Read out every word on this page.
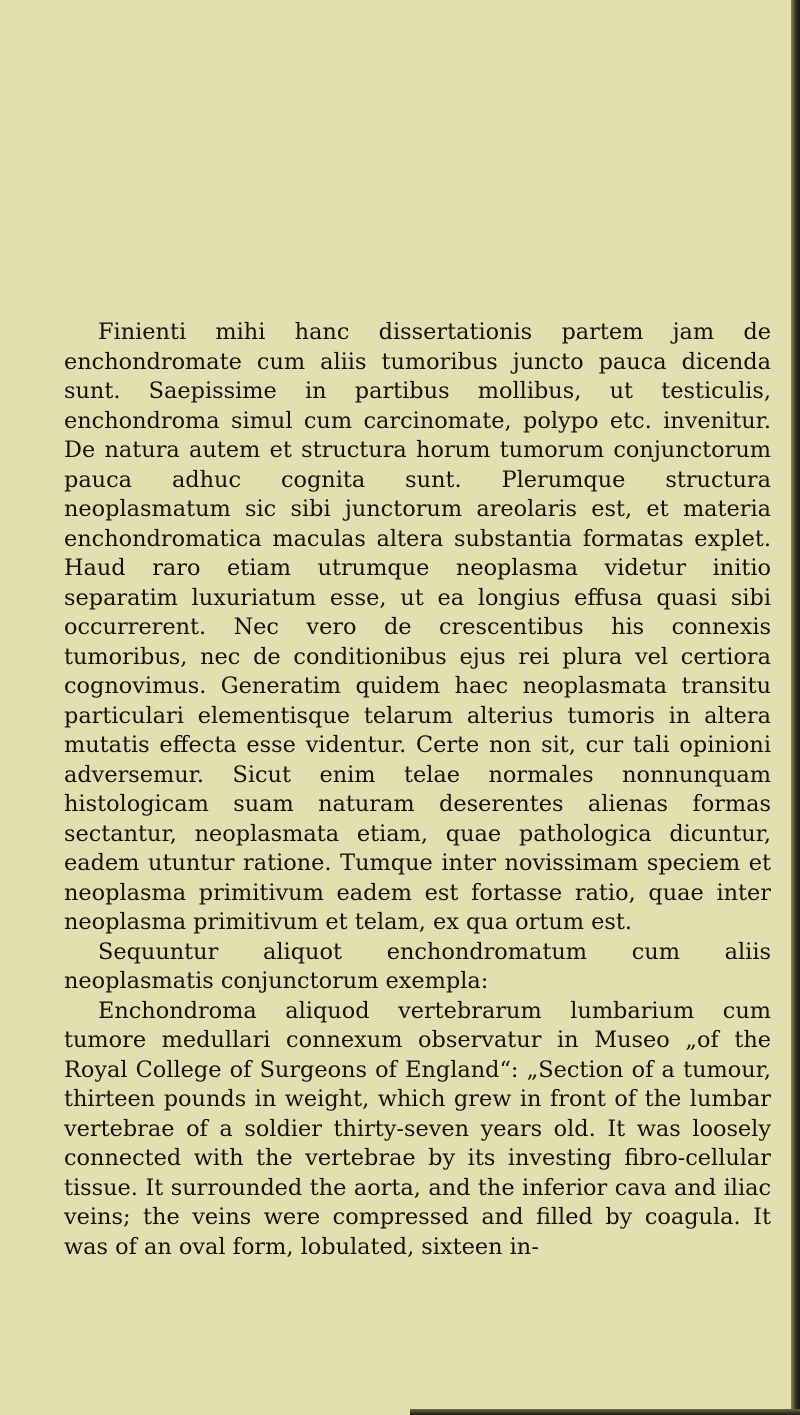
Finienti mihi hanc dissertationis partem jam de enchondromate cum aliis tumoribus juncto pauca dicenda sunt. Saepissime in partibus mollibus, ut testiculis, enchondroma simul cum carcinomate, polypo etc. invenitur. De natura autem et structura horum tumorum conjunctorum pauca adhuc cognita sunt. Plerumque structura neoplasmatum sic sibi junctorum areolaris est, et materia enchondromatica maculas altera substantia formatas explet. Haud raro etiam utrumque neoplasma videtur initio separatim luxuriatum esse, ut ea longius effusa quasi sibi occurrerent. Nec vero de crescentibus his connexis tumoribus, nec de conditionibus ejus rei plura vel certiora cognovimus. Generatim quidem haec neoplasmata transitu particulari elementisque telarum alterius tumoris in altera mutatis effecta esse videntur. Certe non sit, cur tali opinioni adversemur. Sicut enim telae normales nonnunquam histologicam suam naturam deserentes alienas formas sectantur, neoplasmata etiam, quae pathologica dicuntur, eadem utuntur ratione. Tumque inter novissimam speciem et neoplasma primitivum eadem est fortasse ratio, quae inter neoplasma primitivum et telam, ex qua ortum est.

Sequuntur aliquot enchondromatum cum aliis neoplasmatis conjunctorum exempla:

Enchondroma aliquod vertebrarum lumbarium cum tumore medullari connexum observatur in Museo „of the Royal College of Surgeons of England“: „Section of a tumour, thirteen pounds in weight, which grew in front of the lumbar vertebrae of a soldier thirty-seven years old. It was loosely connected with the vertebrae by its investing fibro-cellular tissue. It surrounded the aorta, and the inferior cava and iliac veins; the veins were compressed and filled by coagula. It was of an oval form, lobulated, sixteen in-
